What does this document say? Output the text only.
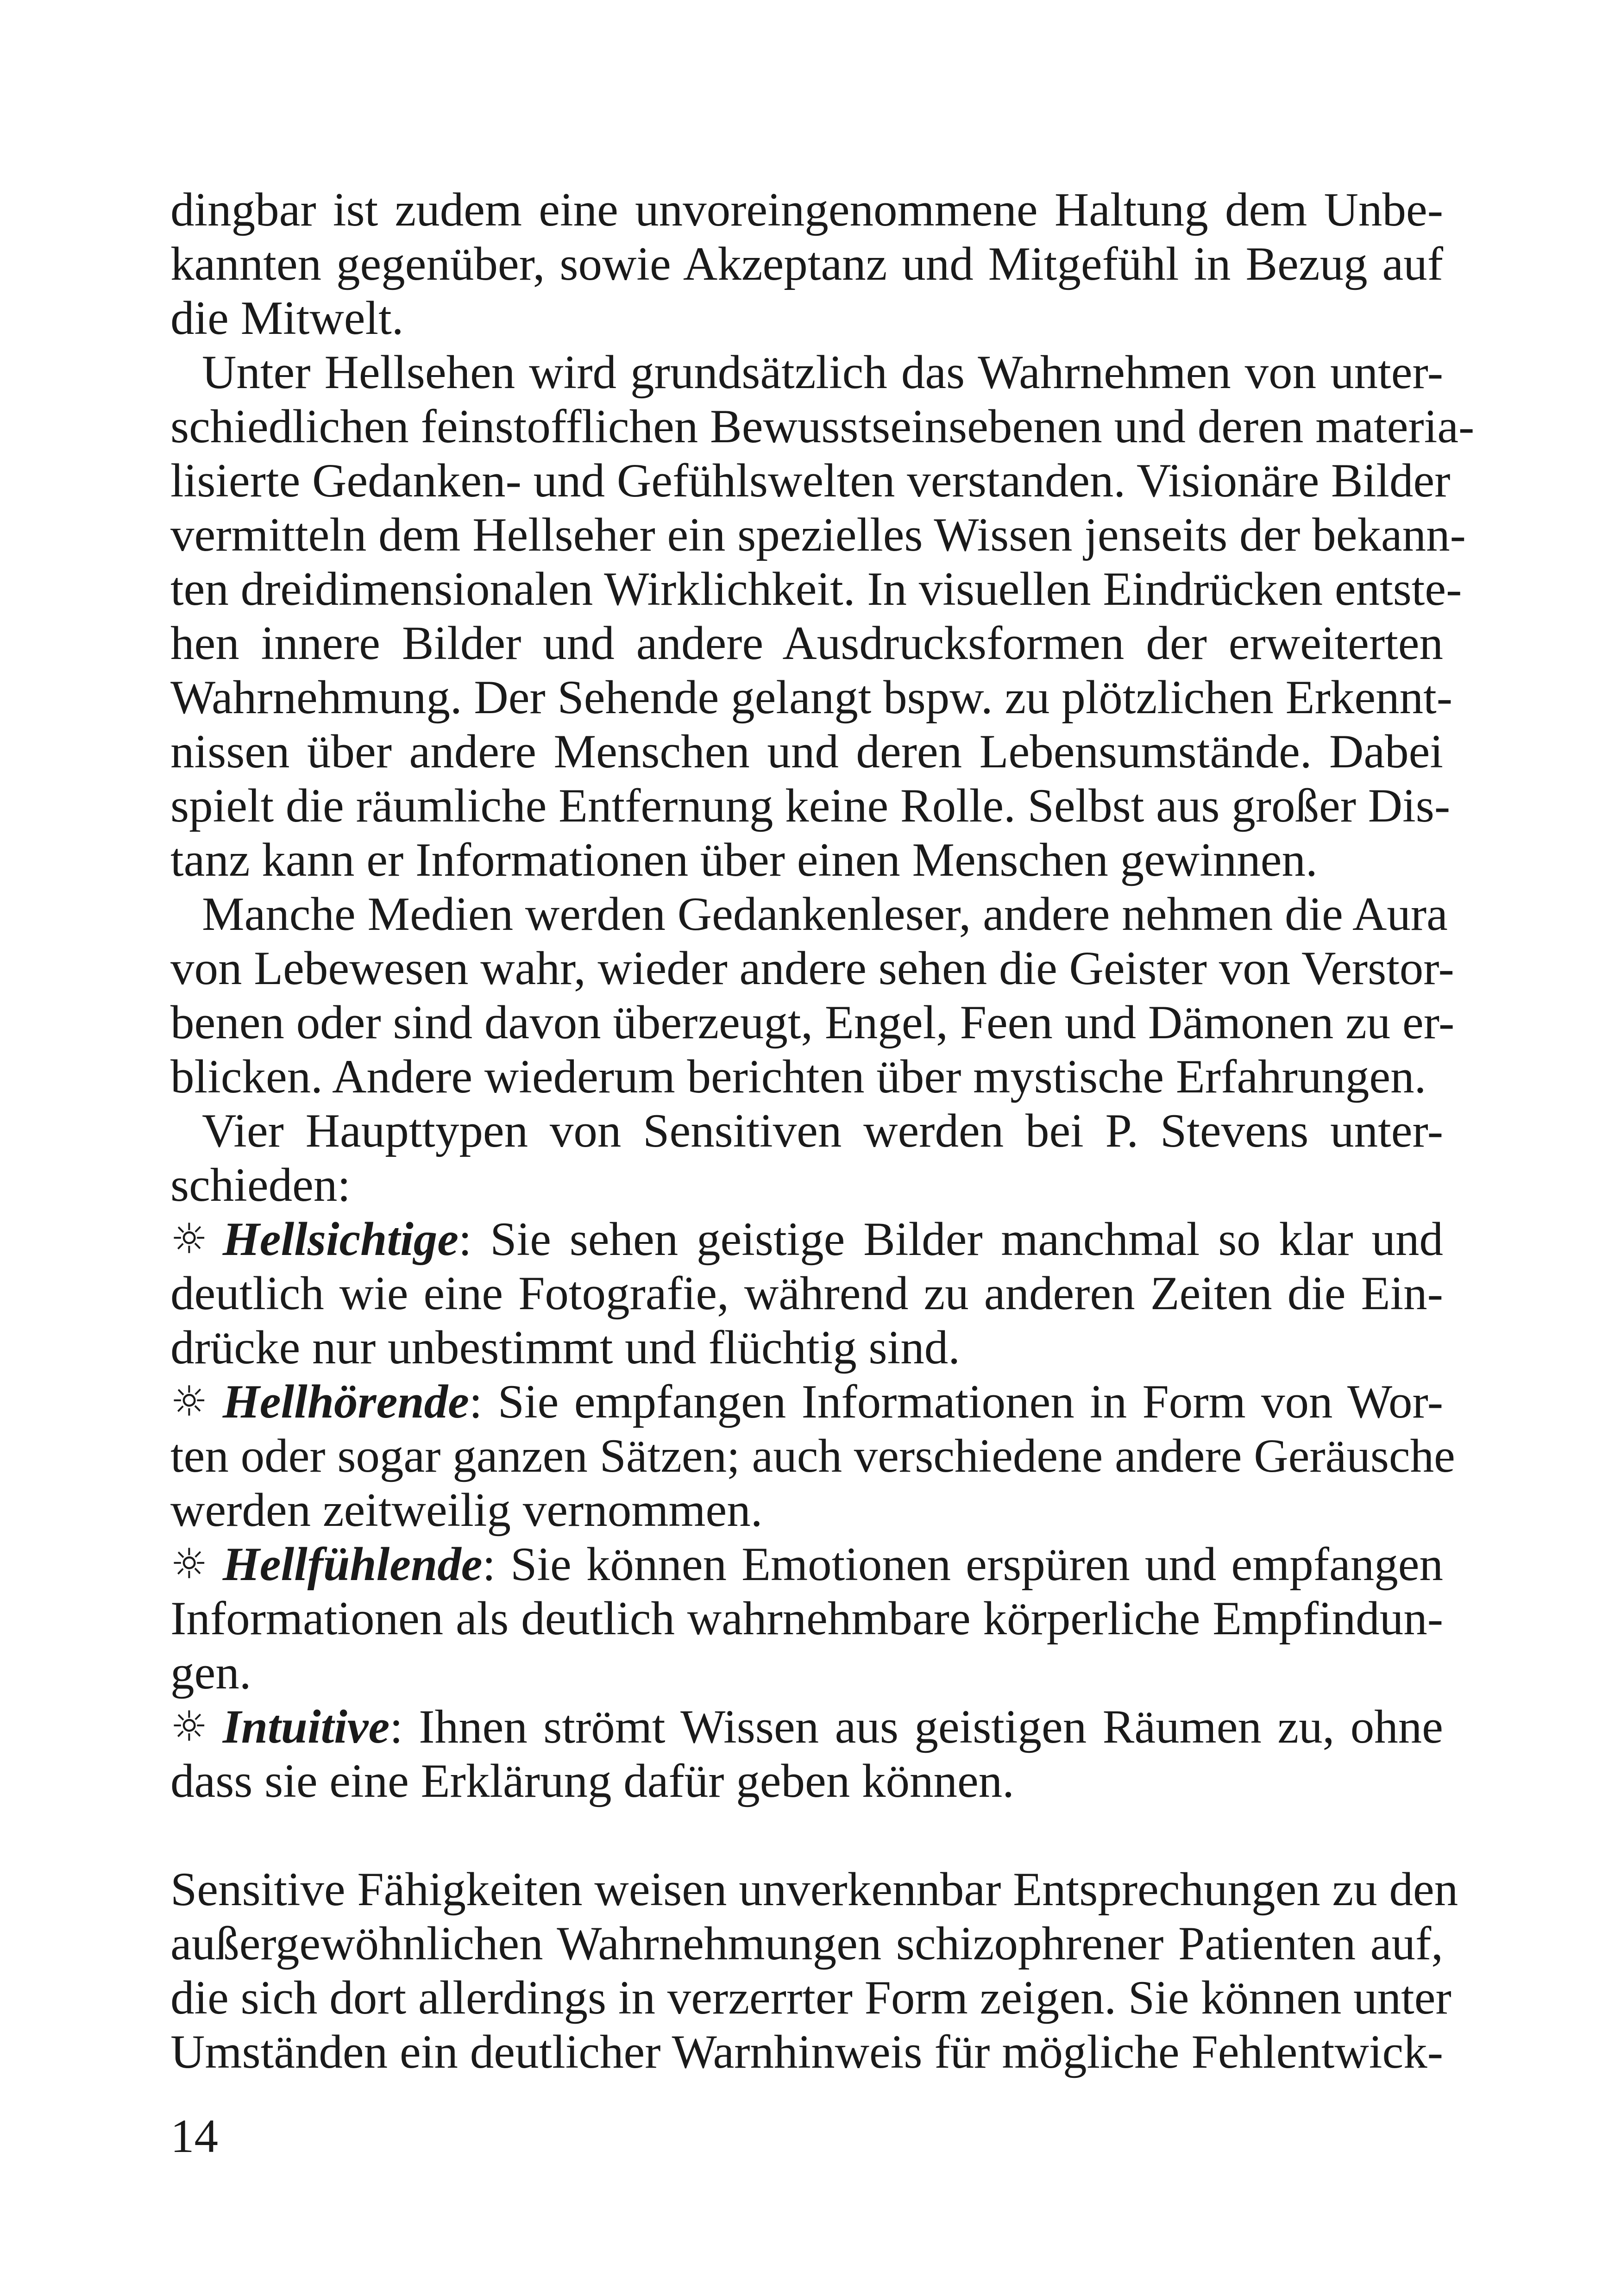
dingbar ist zudem eine unvoreingenommene Haltung dem Unbe-
kannten gegenüber, sowie Akzeptanz und Mitgefühl in Bezug auf
die Mitwelt.
Unter Hellsehen wird grundsätzlich das Wahrnehmen von unter-
schiedlichen feinstofflichen Bewusstseinsebenen und deren materia-
lisierte Gedanken- und Gefühlswelten verstanden. Visionäre Bilder
vermitteln dem Hellseher ein spezielles Wissen jenseits der bekann-
ten dreidimensionalen Wirklichkeit. In visuellen Eindrücken entste-
hen innere Bilder und andere Ausdrucksformen der erweiterten
Wahrnehmung. Der Sehende gelangt bspw. zu plötzlichen Erkennt-
nissen über andere Menschen und deren Lebensumstände. Dabei
spielt die räumliche Entfernung keine Rolle. Selbst aus großer Dis-
tanz kann er Informationen über einen Menschen gewinnen.
Manche Medien werden Gedankenleser, andere nehmen die Aura
von Lebewesen wahr, wieder andere sehen die Geister von Verstor-
benen oder sind davon überzeugt, Engel, Feen und Dämonen zu er-
blicken. Andere wiederum berichten über mystische Erfahrungen.
Vier Haupttypen von Sensitiven werden bei P. Stevens unter-
schieden:
☼ Hellsichtige: Sie sehen geistige Bilder manchmal so klar und
deutlich wie eine Fotografie, während zu anderen Zeiten die Ein-
drücke nur unbestimmt und flüchtig sind.
☼ Hellhörende: Sie empfangen Informationen in Form von Wor-
ten oder sogar ganzen Sätzen; auch verschiedene andere Geräusche
werden zeitweilig vernommen.
☼ Hellfühlende: Sie können Emotionen erspüren und empfangen
Informationen als deutlich wahrnehmbare körperliche Empfindun-
gen.
☼ Intuitive: Ihnen strömt Wissen aus geistigen Räumen zu, ohne
dass sie eine Erklärung dafür geben können.
Sensitive Fähigkeiten weisen unverkennbar Entsprechungen zu den
außergewöhnlichen Wahrnehmungen schizophrener Patienten auf,
die sich dort allerdings in verzerrter Form zeigen. Sie können unter
Umständen ein deutlicher Warnhinweis für mögliche Fehlentwick-
14
